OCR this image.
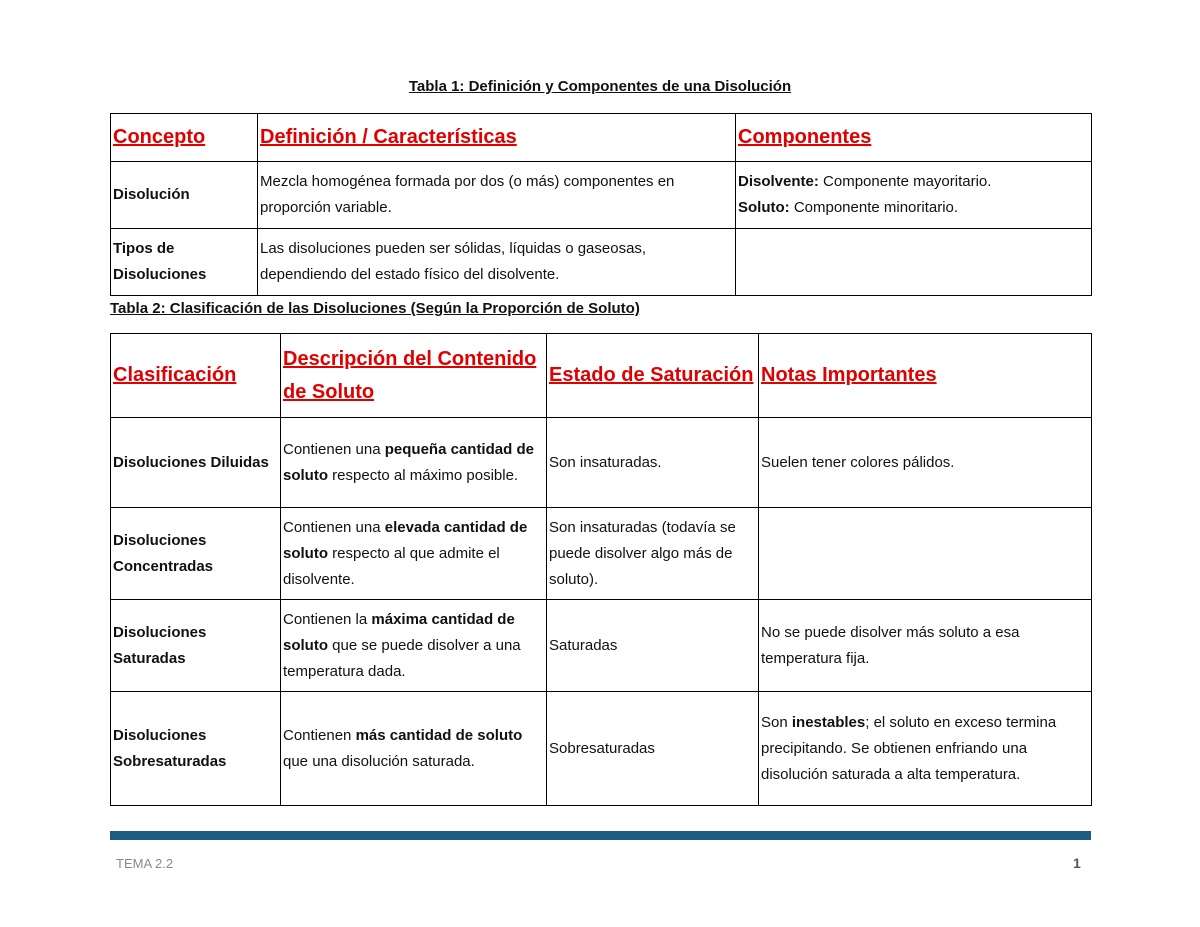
Tabla 1: Definición y Componentes de una Disolución
Concepto	Definición / Características	Componentes
Disolución	Mezcla homogénea formada por dos (o más) componentes en proporción variable.	Disolvente: Componente mayoritario.
Soluto: Componente minoritario.

Tipos de Disoluciones	Las disoluciones pueden ser sólidas, líquidas o gaseosas, dependiendo del estado físico del disolvente.	
Tabla 2: Clasificación de las Disoluciones (Según la Proporción de Soluto)
Clasificación	Descripción del Contenido de Soluto	Estado de Saturación	Notas Importantes
Disoluciones Diluidas	Contienen una pequeña cantidad de soluto respecto al máximo posible.	Son insaturadas.	Suelen tener colores pálidos.
Disoluciones Concentradas	Contienen una elevada cantidad de soluto respecto al que admite el disolvente.	Son insaturadas (todavía se puede disolver algo más de soluto).	
Disoluciones Saturadas	Contienen la máxima cantidad de soluto que se puede disolver a una temperatura dada.	Saturadas	No se puede disolver más soluto a esa temperatura fija.
Disoluciones Sobresaturadas	Contienen más cantidad de soluto que una disolución saturada.	Sobresaturadas	Son inestables; el soluto en exceso termina precipitando. Se obtienen enfriando una disolución saturada a alta temperatura.
TEMA 2.2	1
